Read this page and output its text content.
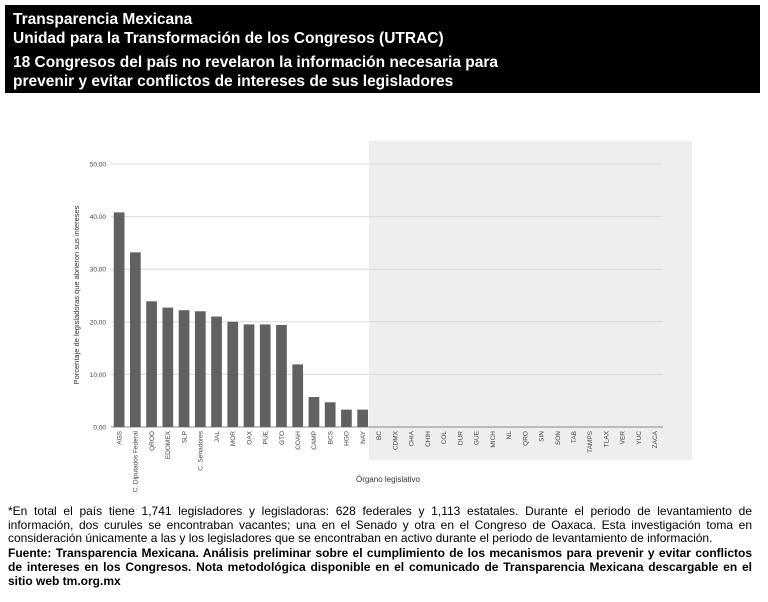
Transparencia Mexicana
Unidad para la Transformación de los Congresos (UTRAC)
18 Congresos del país no revelaron la información necesaria para
prevenir y evitar conflictos de intereses de sus legisladores
0,00
10,00
20,00
30,00
40,00
50,00
AGS C. Diputados Federal QROO EDOMEX SLP C. Senadores JAL MOR OAX PUE GTO COAH CAMP BCS HGO NAY BC CDMX CHIA CHIH COL DUR GUE MICH NL QRO SIN SON TAB TAMPS TLAX VER YUC ZACA
Porcentaje de legisladoras que abrieron sus intereses
Órgano legislativo
*En total el país tiene 1,741 legisladores y legisladoras: 628 federales y 1,113 estatales. Durante el periodo de levantamiento de información, dos curules se encontraban vacantes; una en el Senado y otra en el Congreso de Oaxaca. Esta investigación toma en consideración únicamente a las y los legisladores que se encontraban en activo durante el periodo de levantamiento de información.
Fuente: Transparencia Mexicana. Análisis preliminar sobre el cumplimiento de los mecanismos para prevenir y evitar conflictos de intereses en los Congresos. Nota metodológica disponible en el comunicado de Transparencia Mexicana descargable en el sitio web tm.org.mx
